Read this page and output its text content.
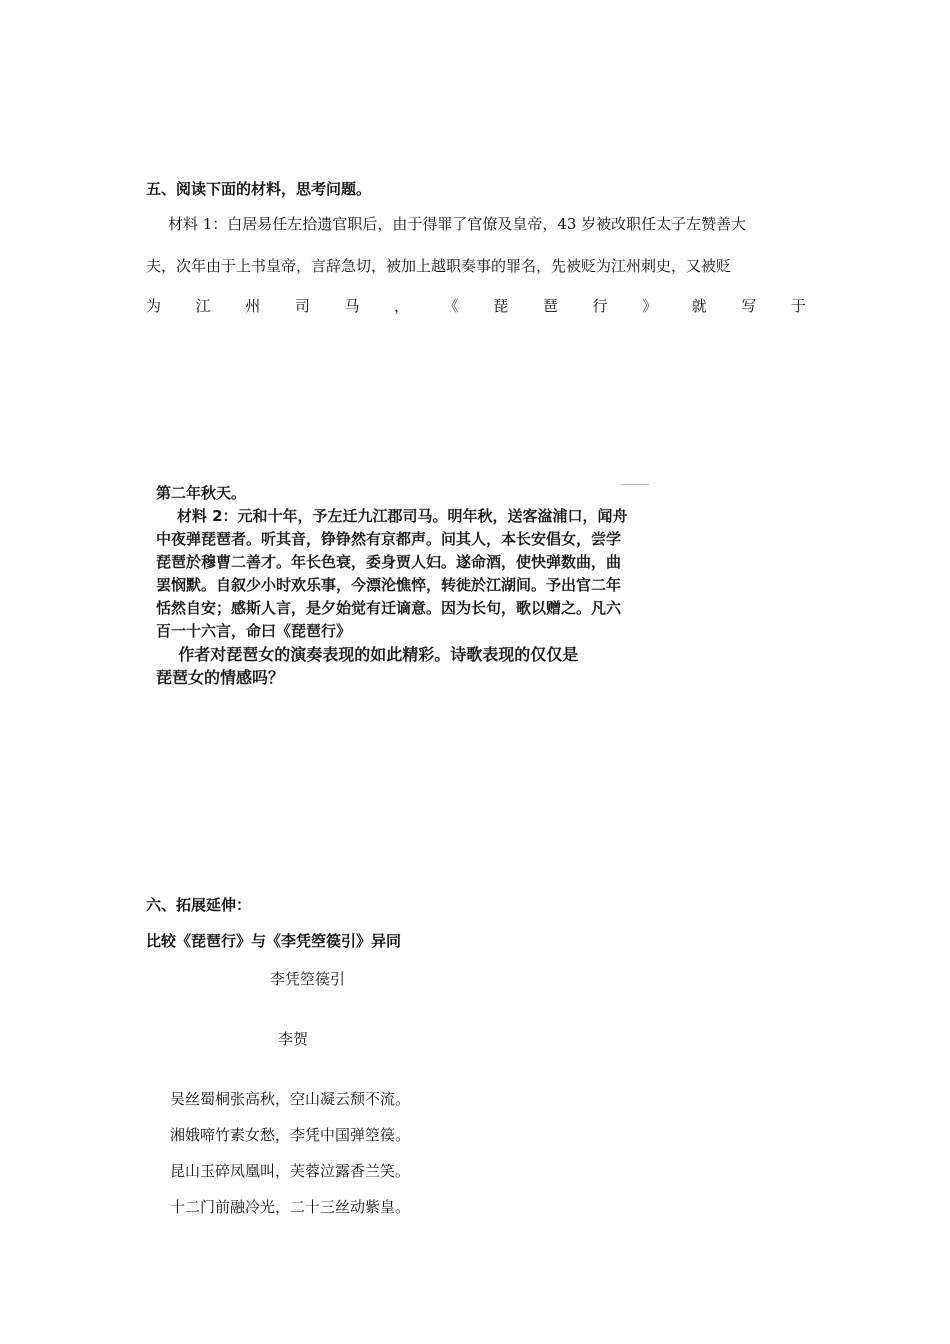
五、阅读下面的材料，思考问题。
材料 1：白居易任左拾遗官职后，由于得罪了官僚及皇帝，43 岁被改职任太子左赞善大
夫，次年由于上书皇帝，言辞急切，被加上越职奏事的罪名，先被贬为江州刺史，又被贬
为 江 州 司 马 ， 《 琵 琶 行 》 就 写 于
第二年秋天。
材料 2：元和十年，予左迁九江郡司马。明年秋，送客湓浦口，闻舟
中夜弹琵琶者。听其音，铮铮然有京都声。问其人，本长安倡女，尝学
琵琶於穆曹二善才。年长色衰，委身贾人妇。遂命酒，使快弹数曲，曲
罢悯默。自叙少小时欢乐事，今漂沦憔悴，转徙於江湖间。予出官二年
恬然自安；感斯人言，是夕始觉有迁谪意。因为长句，歌以赠之。凡六
百一十六言，命曰《琵琶行》
作者对琵琶女的演奏表现的如此精彩。诗歌表现的仅仅是
琵琶女的情感吗？
六、拓展延伸：
比较《琵琶行》与《李凭箜篌引》异同
李凭箜篌引
李贺
吴丝蜀桐张高秋，空山凝云颓不流。
湘娥啼竹素女愁，李凭中国弹箜篌。
昆山玉碎凤凰叫，芙蓉泣露香兰笑。
十二门前融冷光，二十三丝动紫皇。
